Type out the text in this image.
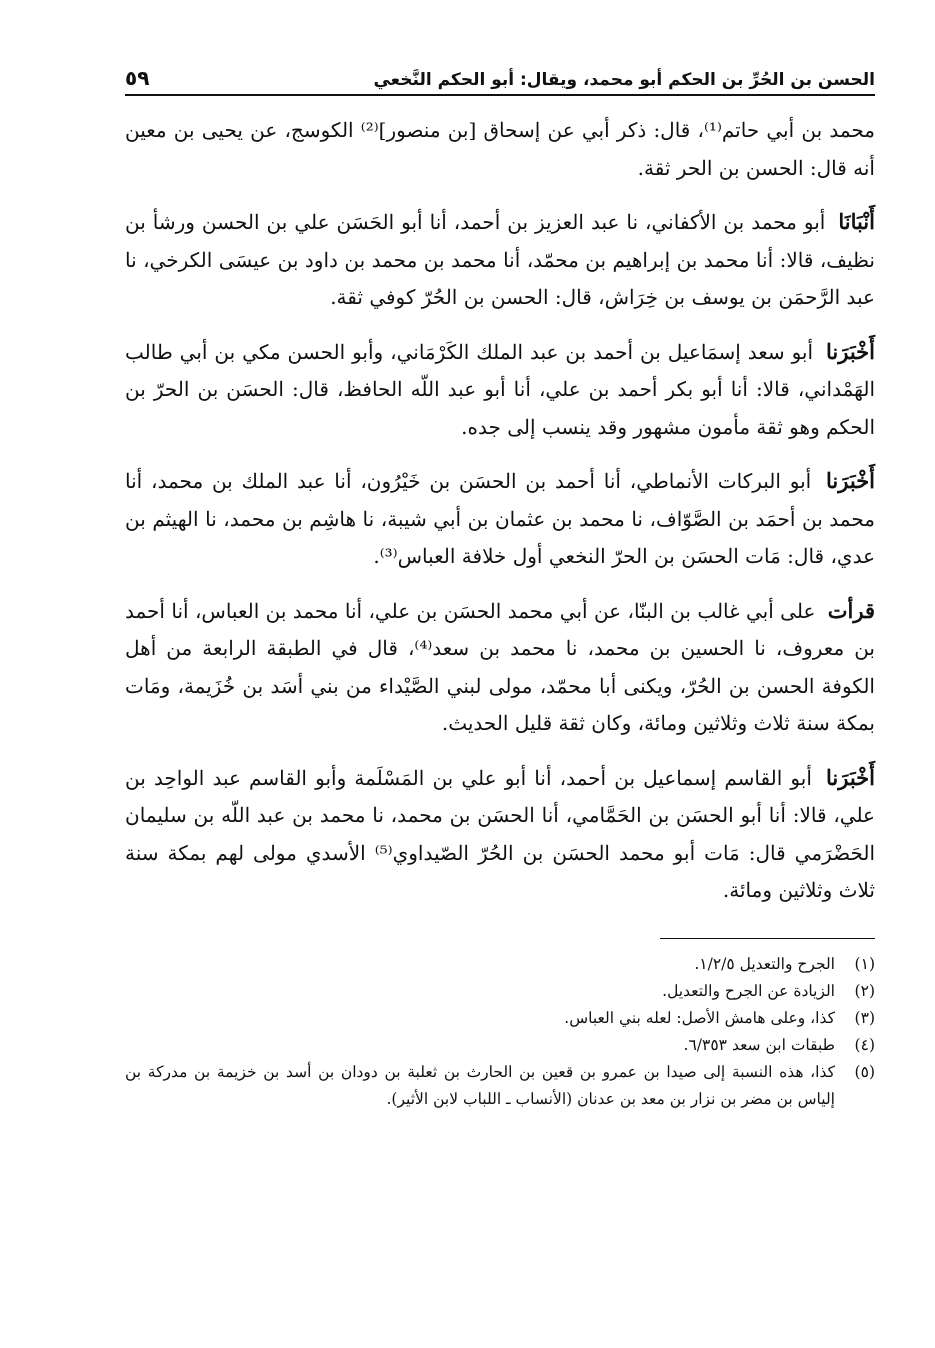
الحسن بن الحُرِّ بن الحكم أبو محمد، ويقال: أبو الحكم النَّخعي
٥٩

محمد بن أبي حاتم⁽¹⁾، قال: ذكر أبي عن إسحاق [بن منصور]⁽²⁾ الكوسج، عن يحيى بن معين أنه قال: الحسن بن الحر ثقة.

أَنْبَانَا أبو محمد بن الأكفاني، نا عبد العزيز بن أحمد، أنا أبو الحَسَن علي بن الحسن ورشأ بن نظيف، قالا: أنا محمد بن إبراهيم بن محمّد، أنا محمد بن محمد بن داود بن عيسَى الكرخي، نا عبد الرَّحمَن بن يوسف بن خِرَاش، قال: الحسن بن الحُرّ كوفي ثقة.

أَخْبَرَنا أبو سعد إسمَاعيل بن أحمد بن عبد الملك الكَرْمَاني، وأبو الحسن مكي بن أبي طالب الهَمْداني، قالا: أنا أبو بكر أحمد بن علي، أنا أبو عبد اللّه الحافظ، قال: الحسَن بن الحرّ بن الحكم وهو ثقة مأمون مشهور وقد ينسب إلى جده.

أَخْبَرَنا أبو البركات الأنماطي، أنا أحمد بن الحسَن بن خَيْرُون، أنا عبد الملك بن محمد، أنا محمد بن أحمَد بن الصَّوّاف، نا محمد بن عثمان بن أبي شيبة، نا هاشِم بن محمد، نا الهيثم بن عدي، قال: مَات الحسَن بن الحرّ النخعي أول خلافة العباس⁽³⁾.

قرأت على أبي غالب بن البنّا، عن أبي محمد الحسَن بن علي، أنا محمد بن العباس، أنا أحمد بن معروف، نا الحسين بن محمد، نا محمد بن سعد⁽⁴⁾، قال في الطبقة الرابعة من أهل الكوفة الحسن بن الحُرّ، ويكنى أبا محمّد، مولى لبني الصَّيْداء من بني أسَد بن خُزَيمة، ومَات بمكة سنة ثلاث وثلاثين ومائة، وكان ثقة قليل الحديث.

أَخْبَرَنا أبو القاسم إسماعيل بن أحمد، أنا أبو علي بن المَسْلَمة وأبو القاسم عبد الواحِد بن علي، قالا: أنا أبو الحسَن بن الحَمَّامي، أنا الحسَن بن محمد، نا محمد بن عبد اللّه بن سليمان الحَضْرَمي قال: مَات أبو محمد الحسَن بن الحُرّ الصّيداوي⁽⁵⁾ الأسدي مولى لهم بمكة سنة ثلاث وثلاثين ومائة.

(١)
الجرح والتعديل ١/٢/٥.
(٢)
الزيادة عن الجرح والتعديل.
(٣)
كذا، وعلى هامش الأصل: لعله بني العباس.
(٤)
طبقات ابن سعد ٦/٣٥٣.
(٥)
كذا، هذه النسبة إلى صيدا بن عمرو بن قعين بن الحارث بن ثعلبة بن دودان بن أسد بن خزيمة بن مدركة بن إلياس بن مضر بن نزار بن معد بن عدنان (الأنساب ـ اللباب لابن الأثير).
